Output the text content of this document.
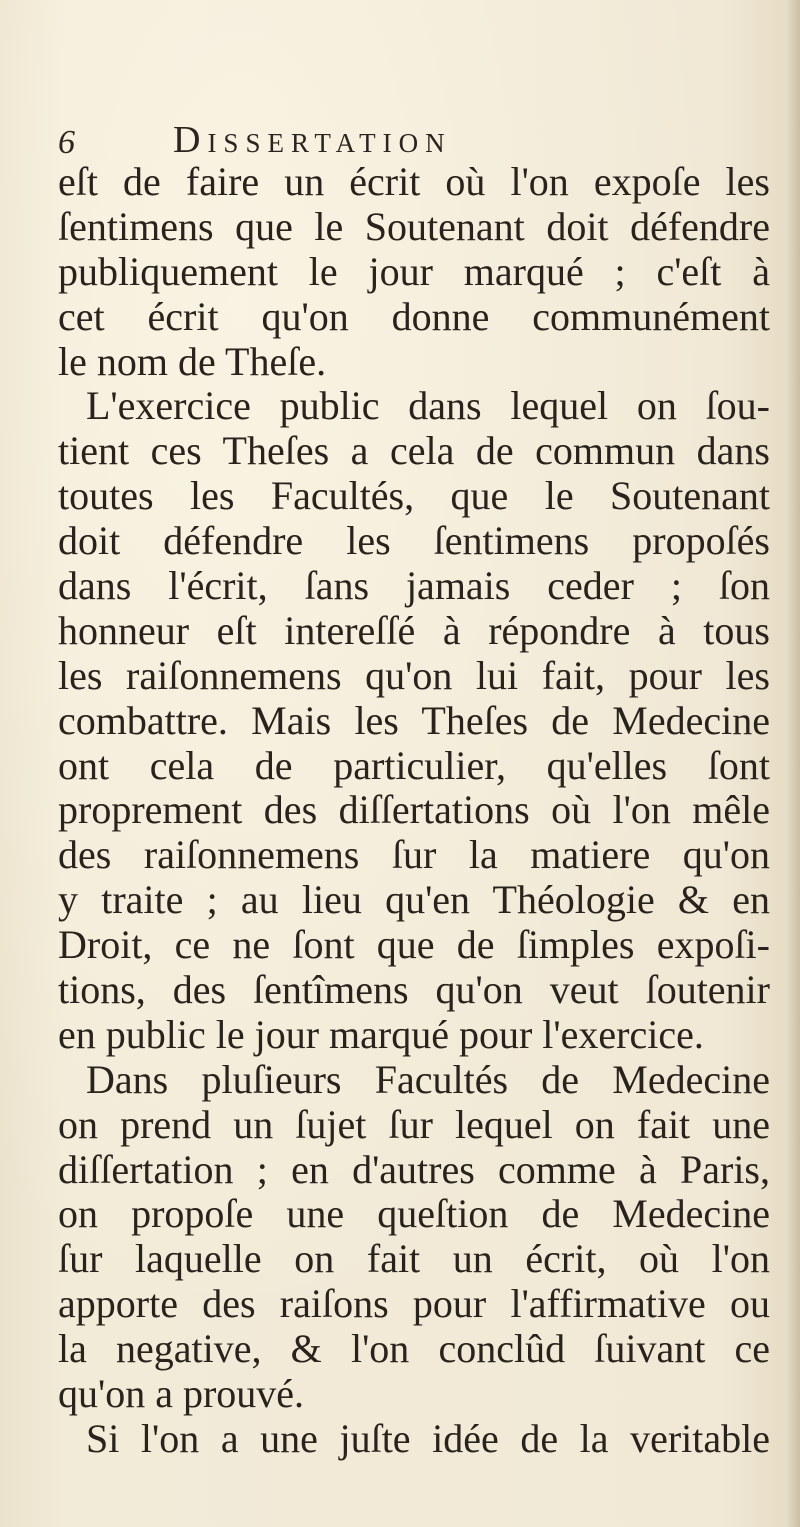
6	Dissertation
eſt de faire un écrit où l'on expoſe les
ſentimens que le Soutenant doit défendre
publiquement le jour marqué ; c'eſt à
cet écrit qu'on donne communément
le nom de Theſe.
L'exercice public dans lequel on ſou-
tient ces Theſes a cela de commun dans
toutes les Facultés, que le Soutenant
doit défendre les ſentimens propoſés
dans l'écrit, ſans jamais ceder ; ſon
honneur eſt intereſſé à répondre à tous
les raiſonnemens qu'on lui fait, pour les
combattre. Mais les Theſes de Medecine
ont cela de particulier, qu'elles ſont
proprement des diſſertations où l'on mêle
des raiſonnemens ſur la matiere qu'on
y traite ; au lieu qu'en Théologie & en
Droit, ce ne ſont que de ſimples expoſi-
tions, des ſentîmens qu'on veut ſoutenir
en public le jour marqué pour l'exercice.
Dans pluſieurs Facultés de Medecine
on prend un ſujet ſur lequel on fait une
diſſertation ; en d'autres comme à Paris,
on propoſe une queſtion de Medecine
ſur laquelle on fait un écrit, où l'on
apporte des raiſons pour l'affirmative ou
la negative, & l'on conclûd ſuivant ce
qu'on a prouvé.
Si l'on a une juſte idée de la veritable
